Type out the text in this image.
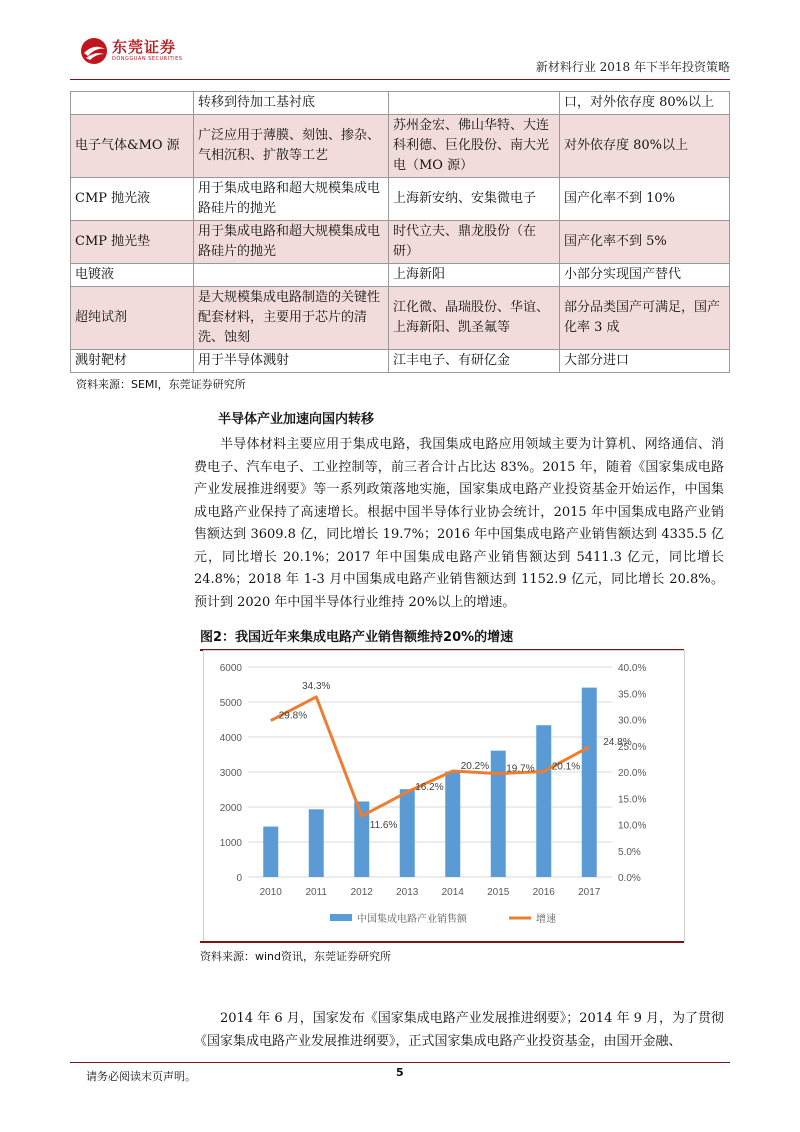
东莞证券
DONGGUAN SECURITIES
新材料行业 2018 年下半年投资策略
	转移到待加工基衬底		口，对外依存度 80%以上
电子气体&MO 源	广泛应用于薄膜、刻蚀、掺杂、气相沉积、扩散等工艺	苏州金宏、佛山华特、大连科利德、巨化股份、南大光电（MO 源）	对外依存度 80%以上
CMP 抛光液	用于集成电路和超大规模集成电路硅片的抛光	上海新安纳、安集微电子	国产化率不到 10%
CMP 抛光垫	用于集成电路和超大规模集成电路硅片的抛光	时代立夫、鼎龙股份（在研）	国产化率不到 5%
电镀液		上海新阳	小部分实现国产替代
超纯试剂	是大规模集成电路制造的关键性配套材料，主要用于芯片的清洗、蚀刻	江化微、晶瑞股份、华谊、上海新阳、凯圣氟等	部分品类国产可满足，国产化率 3 成
溅射靶材	用于半导体溅射	江丰电子、有研亿金	大部分进口
资料来源：SEMI，东莞证券研究所
半导体产业加速向国内转移

半导体材料主要应用于集成电路，我国集成电路应用领域主要为计算机、网络通信、消费电子、汽车电子、工业控制等，前三者合计占比达 83%。2015 年，随着《国家集成电路产业发展推进纲要》等一系列政策落地实施，国家集成电路产业投资基金开始运作，中国集成电路产业保持了高速增长。根据中国半导体行业协会统计，2015 年中国集成电路产业销售额达到 3609.8 亿，同比增长 19.7%；2016 年中国集成电路产业销售额达到 4335.5 亿元，同比增长 20.1%；2017 年中国集成电路产业销售额达到 5411.3 亿元，同比增长 24.8%；2018 年 1-3 月中国集成电路产业销售额达到 1152.9 亿元，同比增长 20.8%。预计到 2020 年中国半导体行业维持 20%以上的增速。

图2：我国近年来集成电路产业销售额维持20%的增速
0
1000
2000
3000
4000
5000
6000
0.0%
5.0%
10.0%
15.0%
20.0%
25.0%
30.0%
35.0%
40.0%
2010 2011 2012 2013 2014 2015 2016 2017
29.8%
34.3%
11.6%
16.2%
20.2% 19.7% 20.1%
24.8%
中国集成电路产业销售额	增速
资料来源：wind资讯，东莞证券研究所

2014 年 6 月，国家发布《国家集成电路产业发展推进纲要》；2014 年 9 月，为了贯彻《国家集成电路产业发展推进纲要》，正式国家集成电路产业投资基金，由国开金融、

请务必阅读末页声明。	5
